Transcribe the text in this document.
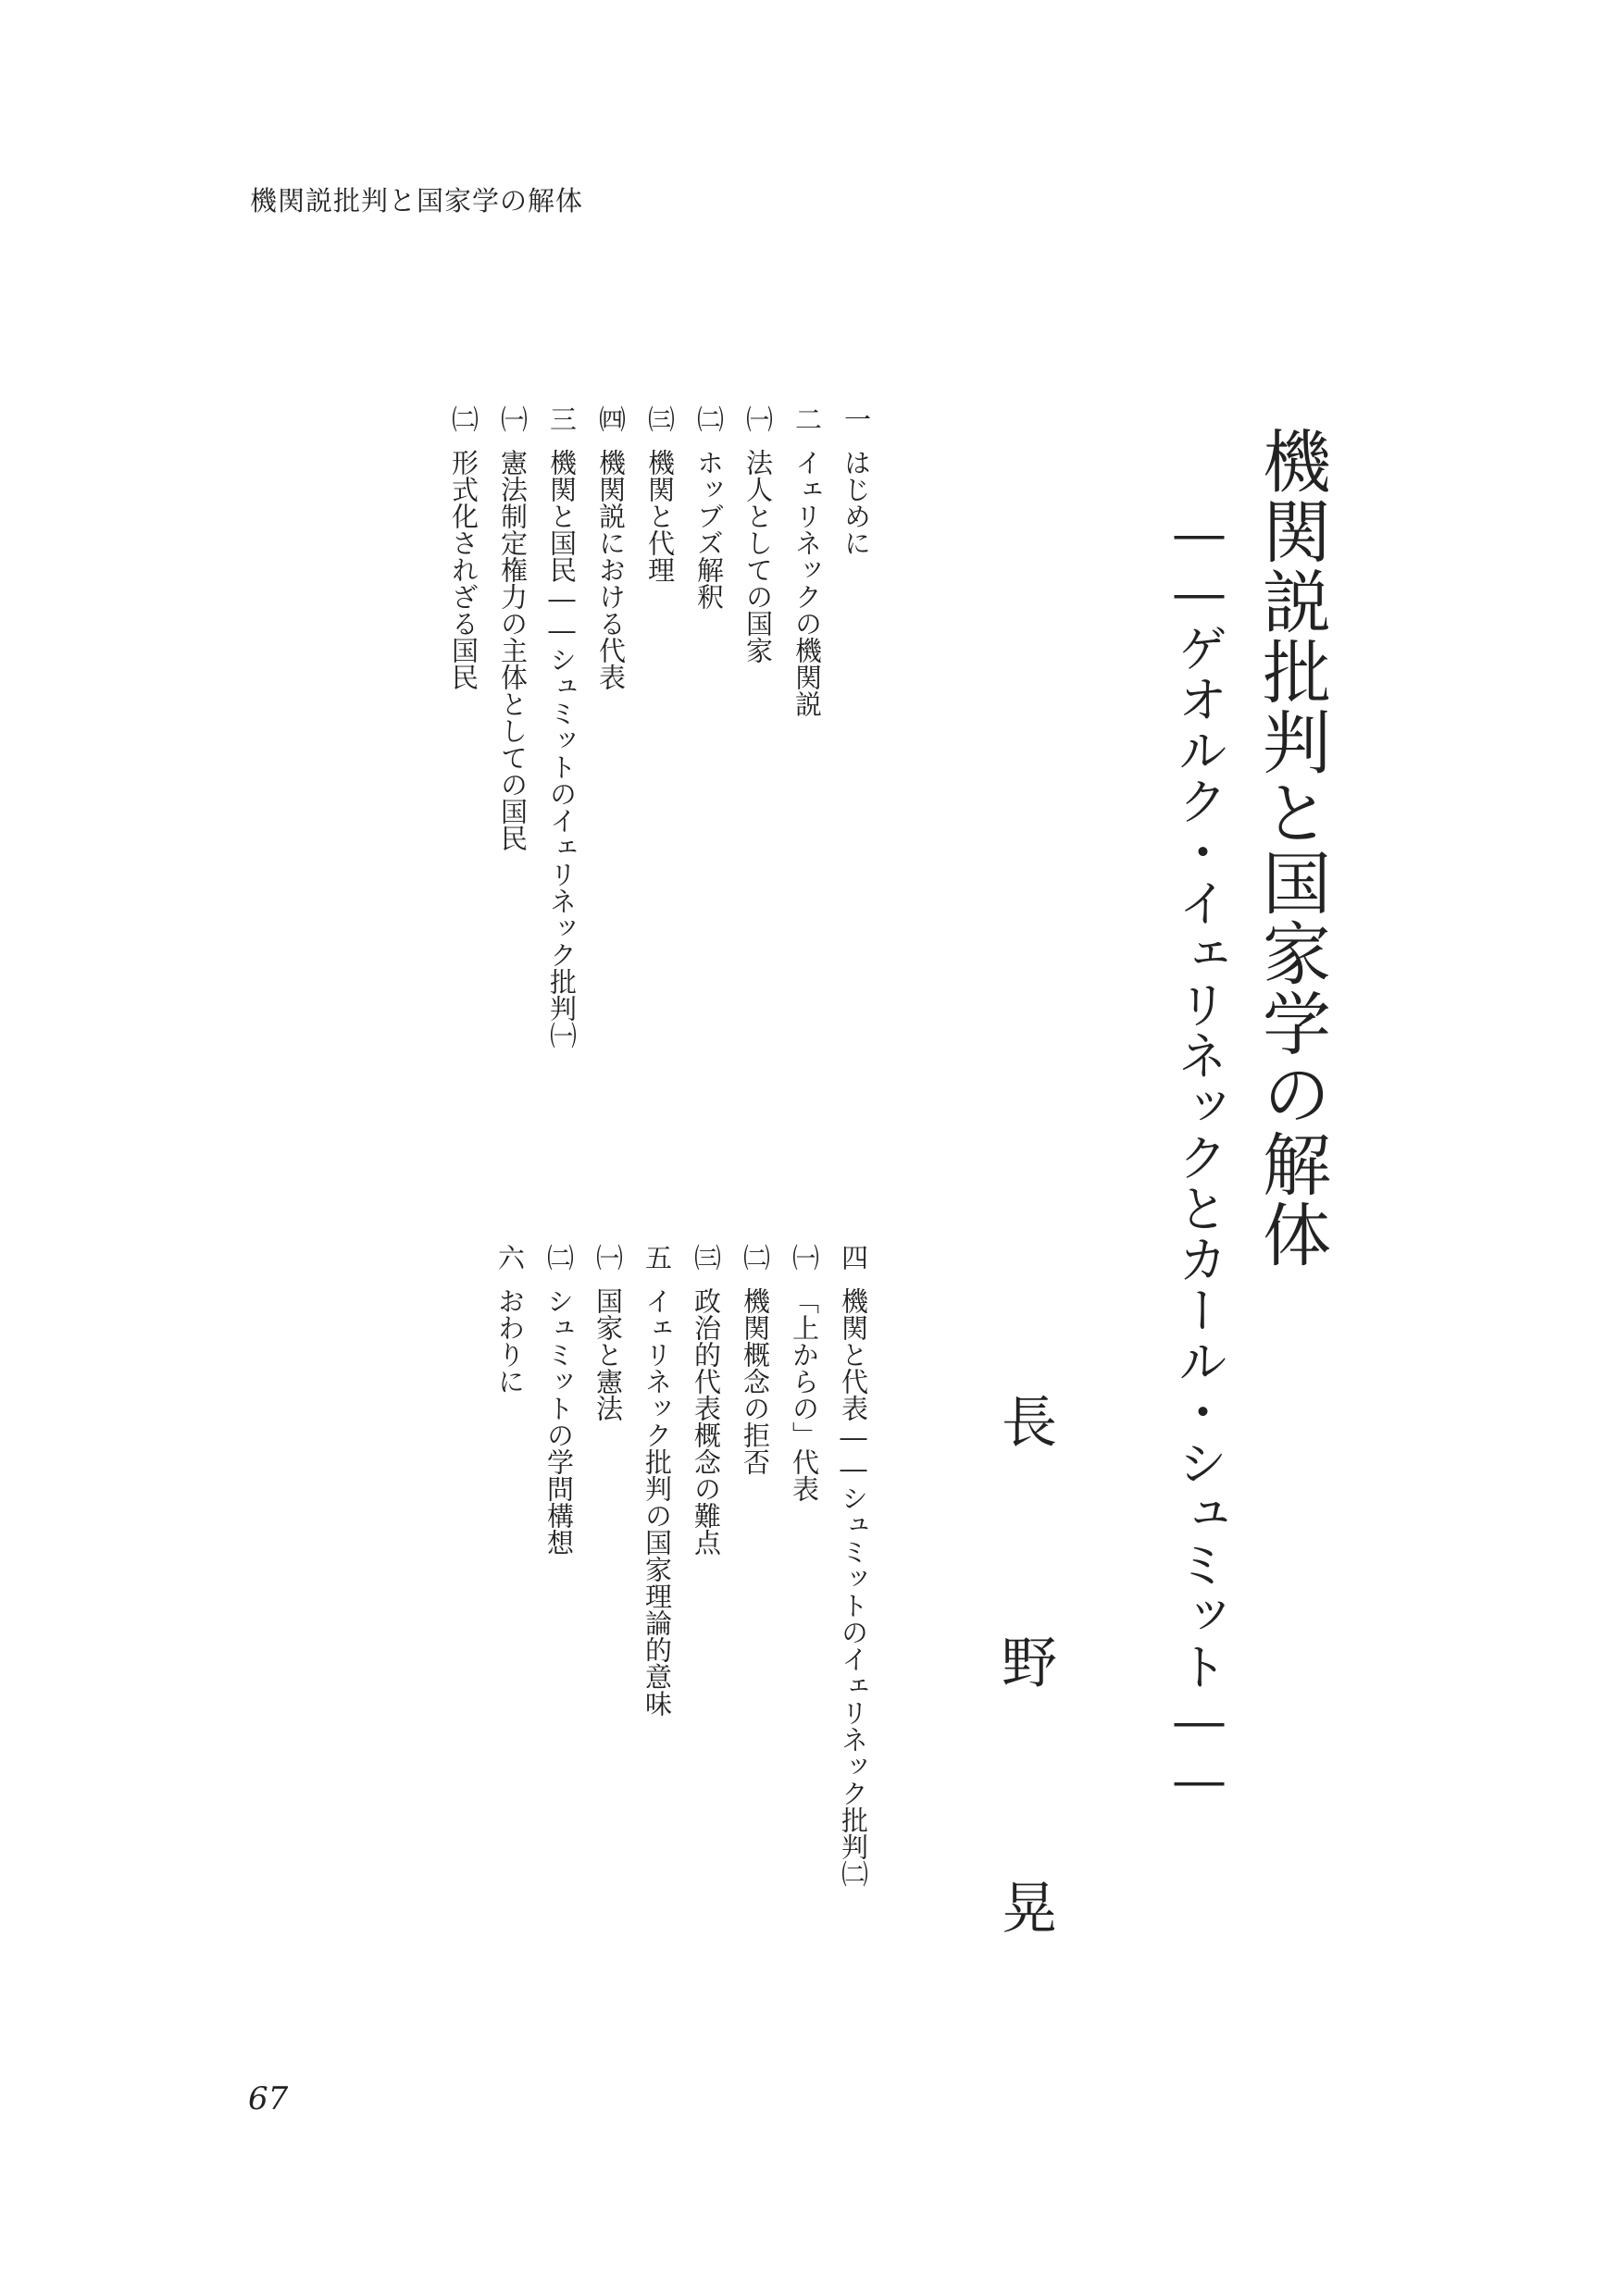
機関説批判と国家学の解体
機関説批判と国家学の解体
――ゲオルク・イェリネックとカール・シュミット――
長
野
晃
一
はじめに
二
イェリネックの機関説
㈠
法人としての国家
㈡
ホッブズ解釈
㈢
機関と代理
㈣
機関説における代表
三
機関と国民――シュミットのイェリネック批判㈠
㈠
憲法制定権力の主体としての国民
㈡
形式化されざる国民
四
機関と代表――シュミットのイェリネック批判㈡
㈠
「上からの」代表
㈡
機関概念の拒否
㈢
政治的代表概念の難点
五
イェリネック批判の国家理論的意味
㈠
国家と憲法
㈡
シュミットの学問構想
六
おわりに
67
